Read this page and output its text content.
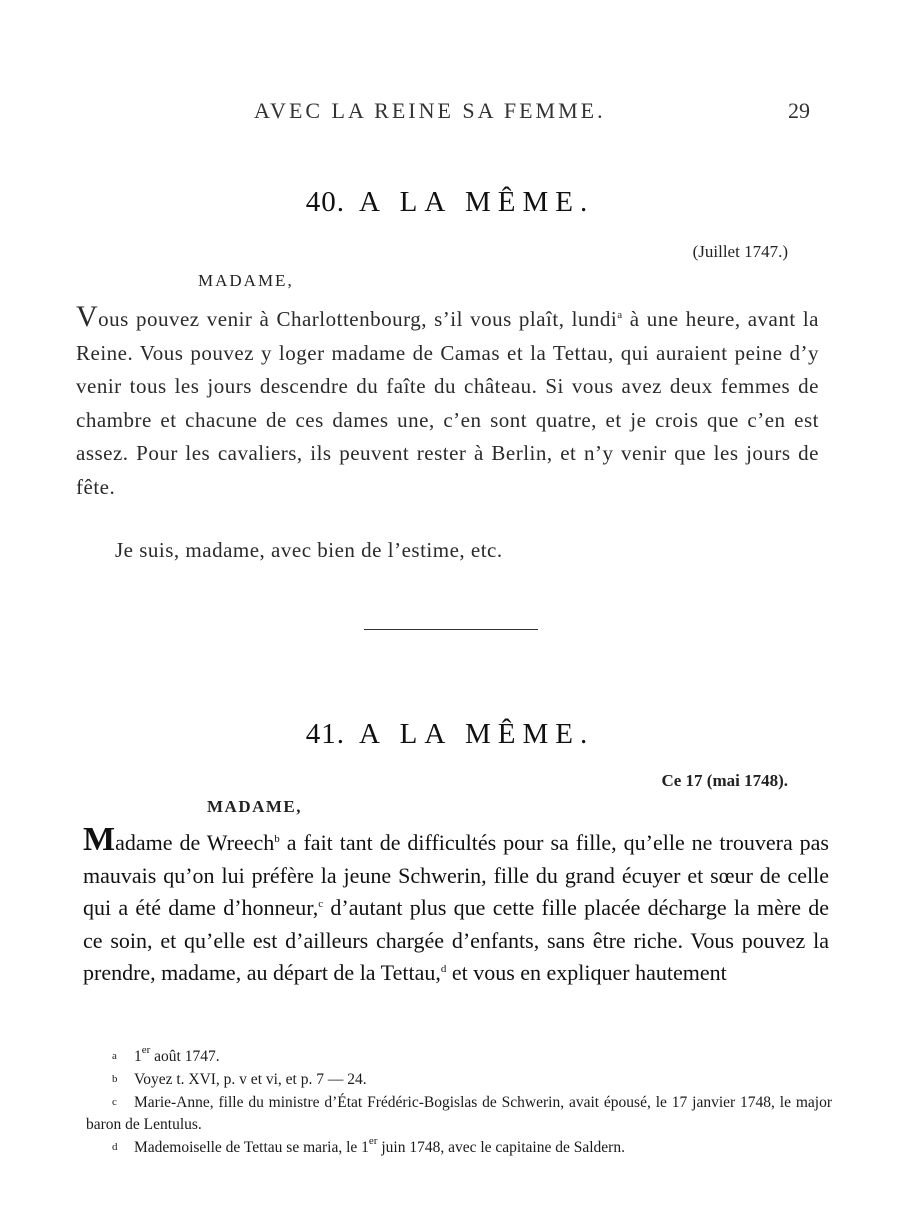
AVEC LA REINE SA FEMME.	29
40. A LA MÊME.
(Juillet 1747.)
MADAME,

Vous pouvez venir à Charlottenbourg, s’il vous plaît, lundi$^a$ à une heure, avant la Reine. Vous pouvez y loger madame de Camas et la Tettau, qui auraient peine d’y venir tous les jours descendre du faîte du château. Si vous avez deux femmes de chambre et chacune de ces dames une, c’en sont quatre, et je crois que c’en est assez. Pour les cavaliers, ils peuvent rester à Berlin, et n’y venir que les jours de fête.

Je suis, madame, avec bien de l’estime, etc.
41. A LA MÊME.
Ce 17 (mai 1748).
MADAME,

Madame de Wreech$^b$ a fait tant de difficultés pour sa fille, qu’elle ne trouvera pas mauvais qu’on lui préfère la jeune Schwerin, fille du grand écuyer et sœur de celle qui a été dame d’honneur,$^c$ d’autant plus que cette fille placée décharge la mère de ce soin, et qu’elle est d’ailleurs chargée d’enfants, sans être riche. Vous pouvez la prendre, madame, au départ de la Tettau,$^d$ et vous en expliquer hautement

a 1er août 1747.
b Voyez t. XVI, p. v et vi, et p. 7 — 24.
c Marie-Anne, fille du ministre d’État Frédéric-Bogislas de Schwerin, avait épousé, le 17 janvier 1748, le major baron de Lentulus.
d Mademoiselle de Tettau se maria, le 1er juin 1748, avec le capitaine de Saldern.
